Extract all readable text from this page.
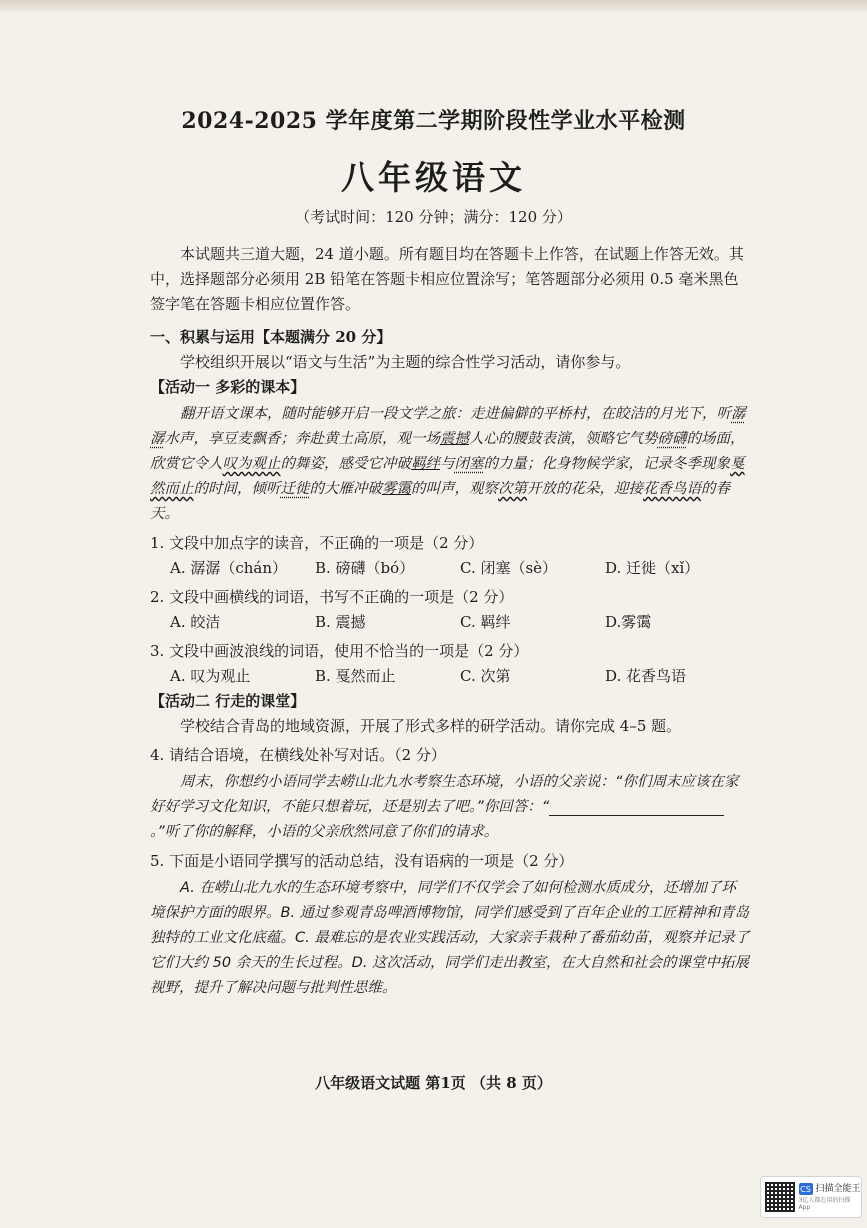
2024-2025 学年度第二学期阶段性学业水平检测
八年级语文
（考试时间：120 分钟；满分：120 分）

本试题共三道大题，24 道小题。所有题目均在答题卡上作答，在试题上作答无效。其中，选择题部分必须用 2B 铅笔在答题卡相应位置涂写；笔答题部分必须用 0.5 毫米黑色签字笔在答题卡相应位置作答。

一、积累与运用【本题满分 20 分】

学校组织开展以“语文与生活”为主题的综合性学习活动，请你参与。

【活动一 多彩的课本】

翻开语文课本，随时能够开启一段文学之旅：走进偏僻的平桥村，在皎洁的月光下，听潺潺水声，享豆麦飘香；奔赴黄土高原，观一场震撼人心的腰鼓表演，领略它气势磅礴的场面，欣赏它令人叹为观止的舞姿，感受它冲破羁绊与闭塞的力量；化身物候学家，记录冬季现象戛然而止的时间，倾听迁徙的大雁冲破雾霭的叫声，观察次第开放的花朵，迎接花香鸟语的春天。

1. 文段中加点字的读音，不正确的一项是（2 分）

A. 潺潺（chán）	B. 磅礴（bó）	C. 闭塞（sè）	D. 迁徙（xǐ）

2. 文段中画横线的词语，书写不正确的一项是（2 分）

A. 皎洁	B. 震撼	C. 羁绊	D.雾霭

3. 文段中画波浪线的词语，使用不恰当的一项是（2 分）

A. 叹为观止	B. 戛然而止	C. 次第	D. 花香鸟语

【活动二 行走的课堂】

学校结合青岛的地域资源，开展了形式多样的研学活动。请你完成 4–5 题。

4. 请结合语境，在横线处补写对话。（2 分）

周末，你想约小语同学去崂山北九水考察生态环境，小语的父亲说：“你们周末应该在家好好学习文化知识，不能只想着玩，还是别去了吧。”你回答：“。”听了你的解释，小语的父亲欣然同意了你们的请求。

5. 下面是小语同学撰写的活动总结，没有语病的一项是（2 分）

A. 在崂山北九水的生态环境考察中，同学们不仅学会了如何检测水质成分，还增加了环境保护方面的眼界。B. 通过参观青岛啤酒博物馆，同学们感受到了百年企业的工匠精神和青岛独特的工业文化底蕴。C. 最难忘的是农业实践活动，大家亲手栽种了番茄幼苗，观察并记录了它们大约 50 余天的生长过程。D. 这次活动，同学们走出教室，在大自然和社会的课堂中拓展视野，提升了解决问题与批判性思维。

八年级语文试题 第1页 （共 8 页）
CS 扫描全能王
3亿人都在用的扫描App
